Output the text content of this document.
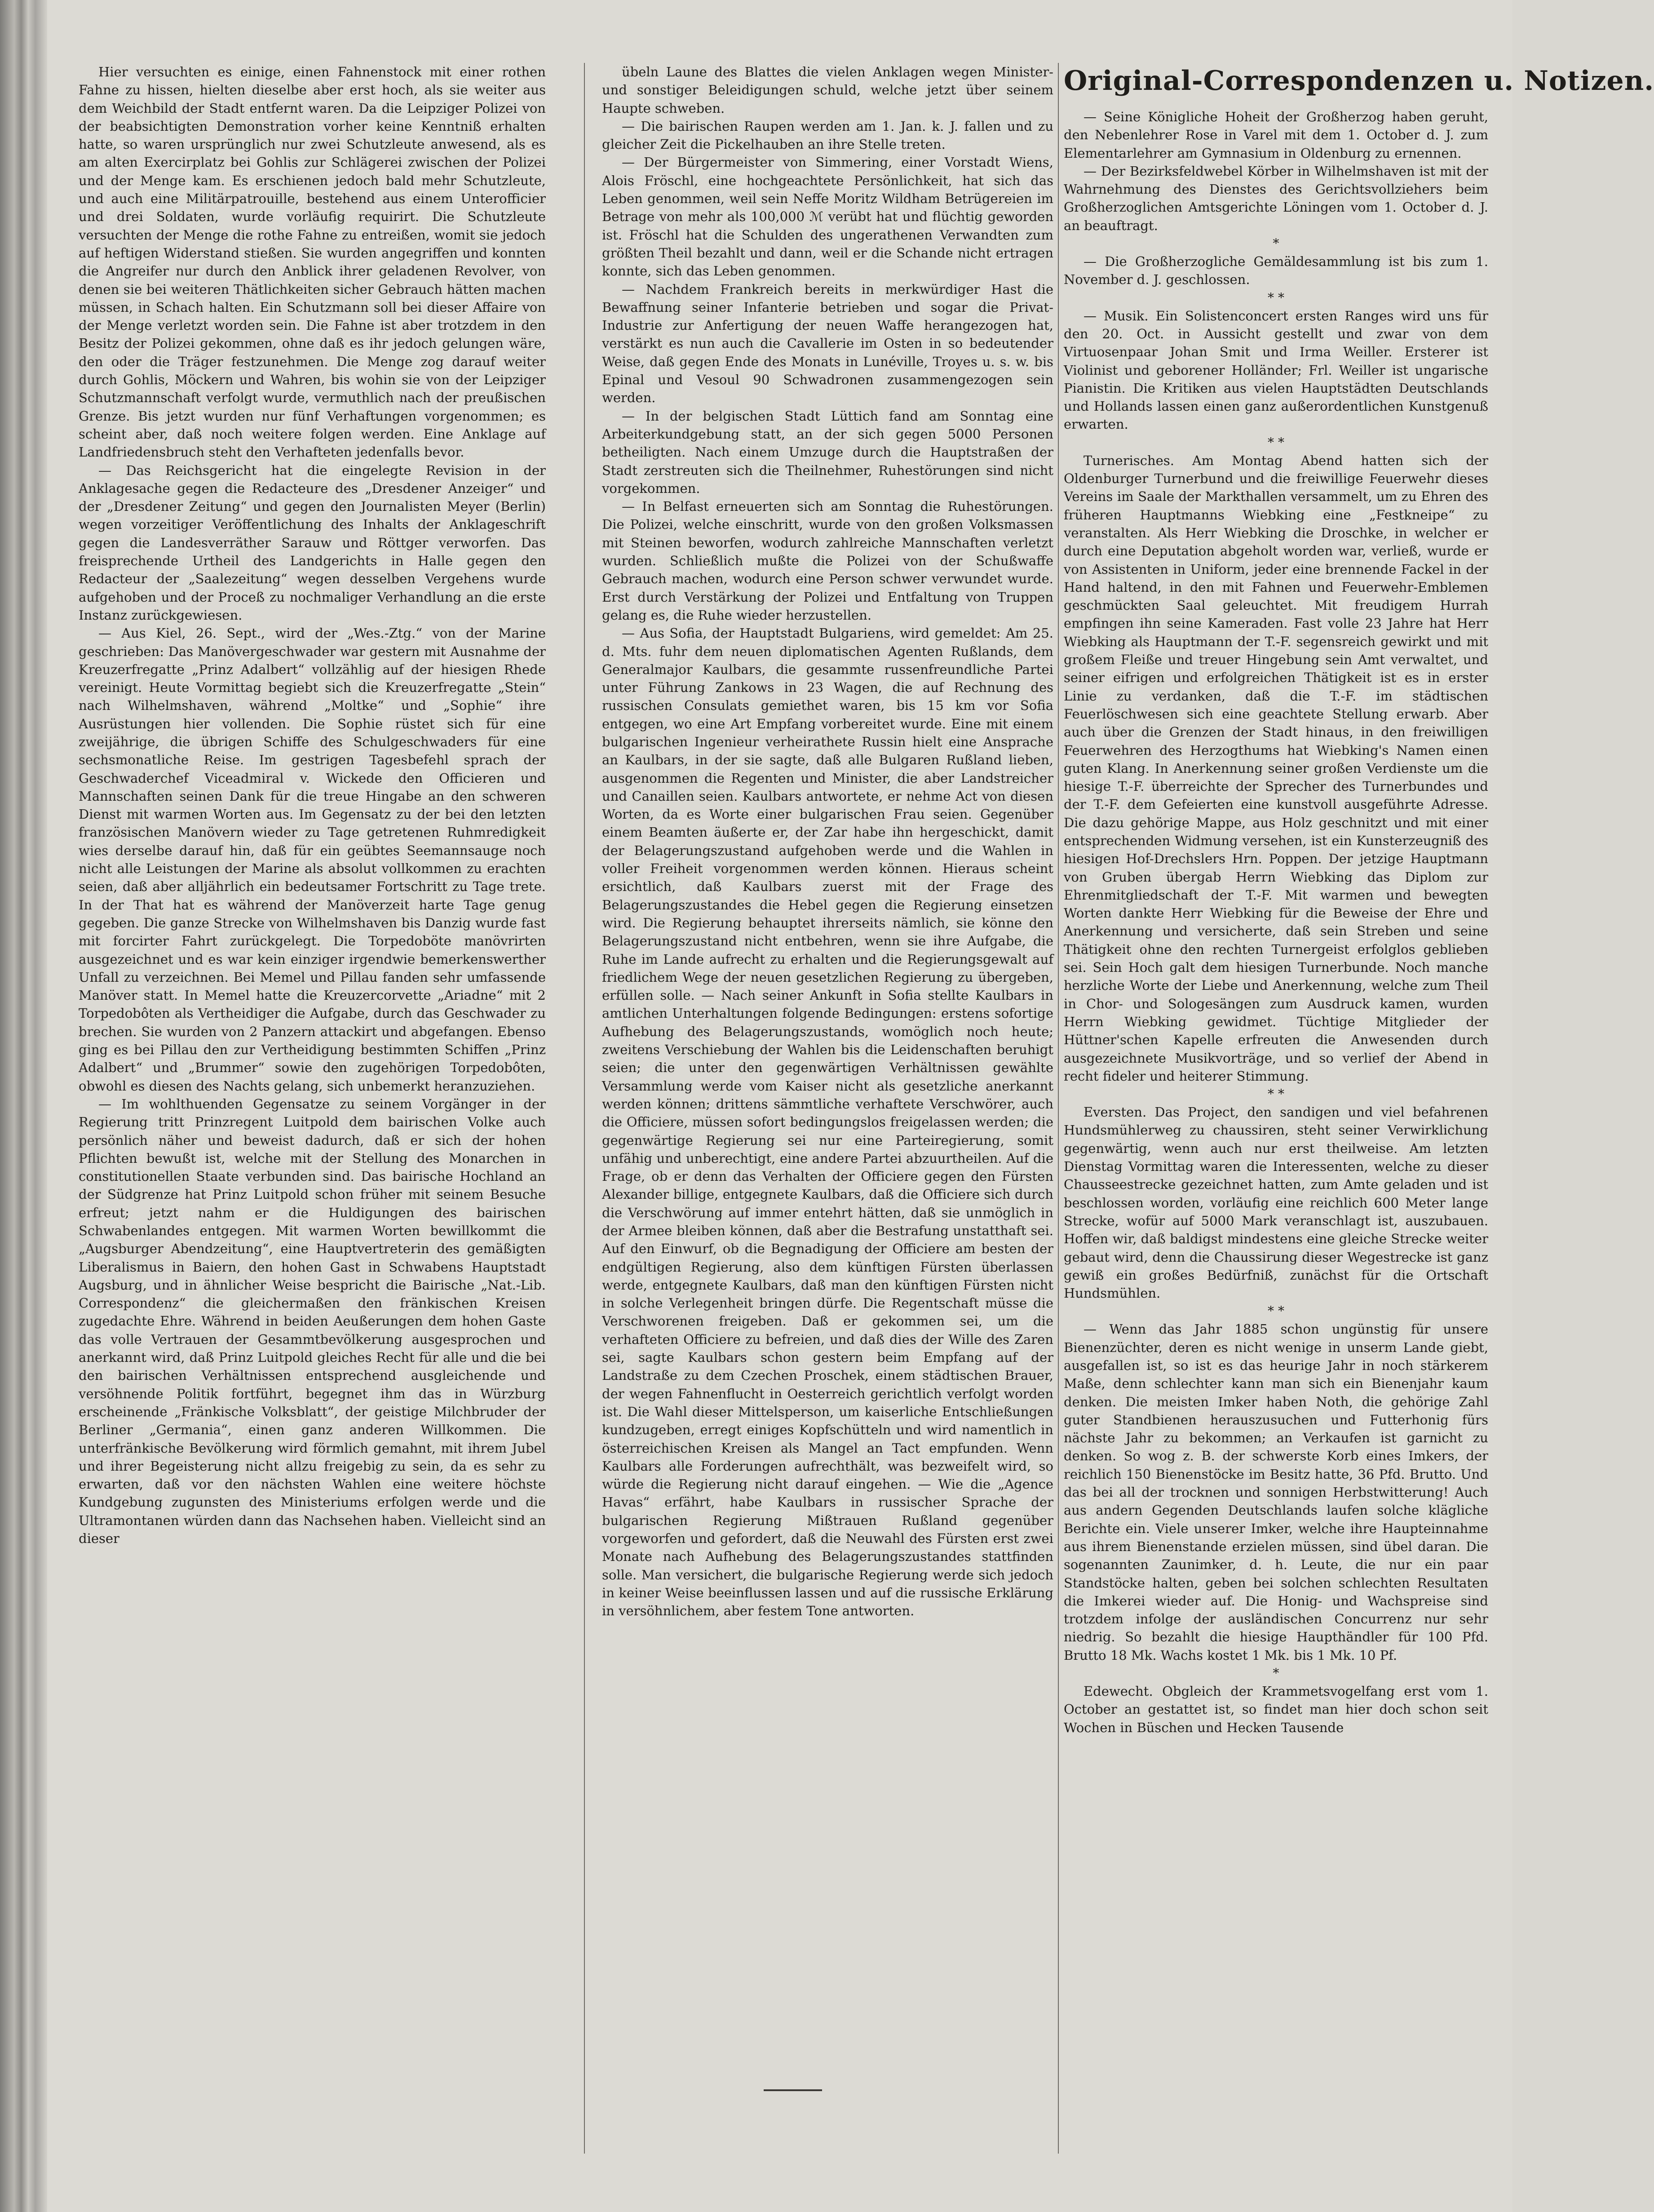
Hier versuchten es einige, einen Fahnenstock mit einer rothen Fahne zu hissen, hielten dieselbe aber erst hoch, als sie weiter aus dem Weichbild der Stadt entfernt waren. Da die Leipziger Polizei von der beabsichtigten Demonstration vorher keine Kenntniß erhalten hatte, so waren ursprünglich nur zwei Schutzleute anwesend, als es am alten Exercirplatz bei Gohlis zur Schlägerei zwischen der Polizei und der Menge kam. Es erschienen jedoch bald mehr Schutzleute, und auch eine Militärpatrouille, bestehend aus einem Unterofficier und drei Soldaten, wurde vorläufig requirirt. Die Schutzleute versuchten der Menge die rothe Fahne zu entreißen, womit sie jedoch auf heftigen Widerstand stießen. Sie wurden angegriffen und konnten die Angreifer nur durch den Anblick ihrer geladenen Revolver, von denen sie bei weiteren Thätlichkeiten sicher Gebrauch hätten machen müssen, in Schach halten. Ein Schutzmann soll bei dieser Affaire von der Menge verletzt worden sein. Die Fahne ist aber trotzdem in den Besitz der Polizei gekommen, ohne daß es ihr jedoch gelungen wäre, den oder die Träger festzunehmen. Die Menge zog darauf weiter durch Gohlis, Möckern und Wahren, bis wohin sie von der Leipziger Schutzmannschaft verfolgt wurde, vermuthlich nach der preußischen Grenze. Bis jetzt wurden nur fünf Verhaftungen vorgenommen; es scheint aber, daß noch weitere folgen werden. Eine Anklage auf Landfriedensbruch steht den Verhafteten jedenfalls bevor.

— Das Reichsgericht hat die eingelegte Revision in der Anklagesache gegen die Redacteure des „Dresdener Anzeiger“ und der „Dresdener Zeitung“ und gegen den Journalisten Meyer (Berlin) wegen vorzeitiger Veröffentlichung des Inhalts der Anklageschrift gegen die Landesverräther Sarauw und Röttger verworfen. Das freisprechende Urtheil des Landgerichts in Halle gegen den Redacteur der „Saalezeitung“ wegen desselben Vergehens wurde aufgehoben und der Proceß zu nochmaliger Verhandlung an die erste Instanz zurückgewiesen.

— Aus Kiel, 26. Sept., wird der „Wes.-Ztg.“ von der Marine geschrieben: Das Manövergeschwader war gestern mit Ausnahme der Kreuzerfregatte „Prinz Adalbert“ vollzählig auf der hiesigen Rhede vereinigt. Heute Vormittag begiebt sich die Kreuzerfregatte „Stein“ nach Wilhelmshaven, während „Moltke“ und „Sophie“ ihre Ausrüstungen hier vollenden. Die Sophie rüstet sich für eine zweijährige, die übrigen Schiffe des Schulgeschwaders für eine sechsmonatliche Reise. Im gestrigen Tagesbefehl sprach der Geschwaderchef Viceadmiral v. Wickede den Officieren und Mannschaften seinen Dank für die treue Hingabe an den schweren Dienst mit warmen Worten aus. Im Gegensatz zu der bei den letzten französischen Manövern wieder zu Tage getretenen Ruhmredigkeit wies derselbe darauf hin, daß für ein geübtes Seemannsauge noch nicht alle Leistungen der Marine als absolut vollkommen zu erachten seien, daß aber alljährlich ein bedeutsamer Fortschritt zu Tage trete. In der That hat es während der Manöverzeit harte Tage genug gegeben. Die ganze Strecke von Wilhelmshaven bis Danzig wurde fast mit forcirter Fahrt zurückgelegt. Die Torpedoböte manövrirten ausgezeichnet und es war kein einziger irgendwie bemerkenswerther Unfall zu verzeichnen. Bei Memel und Pillau fanden sehr umfassende Manöver statt. In Memel hatte die Kreuzercorvette „Ariadne“ mit 2 Torpedobôten als Vertheidiger die Aufgabe, durch das Geschwader zu brechen. Sie wurden von 2 Panzern attackirt und abgefangen. Ebenso ging es bei Pillau den zur Vertheidigung bestimmten Schiffen „Prinz Adalbert“ und „Brummer“ sowie den zugehörigen Torpedobôten, obwohl es diesen des Nachts gelang, sich unbemerkt heranzuziehen.

— Im wohlthuenden Gegensatze zu seinem Vorgänger in der Regierung tritt Prinzregent Luitpold dem bairischen Volke auch persönlich näher und beweist dadurch, daß er sich der hohen Pflichten bewußt ist, welche mit der Stellung des Monarchen in constitutionellen Staate verbunden sind. Das bairische Hochland an der Südgrenze hat Prinz Luitpold schon früher mit seinem Besuche erfreut; jetzt nahm er die Huldigungen des bairischen Schwabenlandes entgegen. Mit warmen Worten bewillkommt die „Augsburger Abendzeitung“, eine Hauptvertreterin des gemäßigten Liberalismus in Baiern, den hohen Gast in Schwabens Hauptstadt Augsburg, und in ähnlicher Weise bespricht die Bairische „Nat.-Lib. Correspondenz“ die gleichermaßen den fränkischen Kreisen zugedachte Ehre. Während in beiden Aeußerungen dem hohen Gaste das volle Vertrauen der Gesammtbevölkerung ausgesprochen und anerkannt wird, daß Prinz Luitpold gleiches Recht für alle und die bei den bairischen Verhältnissen entsprechend ausgleichende und versöhnende Politik fortführt, begegnet ihm das in Würzburg erscheinende „Fränkische Volksblatt“, der geistige Milchbruder der Berliner „Germania“, einen ganz anderen Willkommen. Die unterfränkische Bevölkerung wird förmlich gemahnt, mit ihrem Jubel und ihrer Begeisterung nicht allzu freigebig zu sein, da es sehr zu erwarten, daß vor den nächsten Wahlen eine weitere höchste Kundgebung zugunsten des Ministeriums erfolgen werde und die Ultramontanen würden dann das Nachsehen haben. Vielleicht sind an dieser

übeln Laune des Blattes die vielen Anklagen wegen Minister- und sonstiger Beleidigungen schuld, welche jetzt über seinem Haupte schweben.

— Die bairischen Raupen werden am 1. Jan. k. J. fallen und zu gleicher Zeit die Pickelhauben an ihre Stelle treten.

— Der Bürgermeister von Simmering, einer Vorstadt Wiens, Alois Fröschl, eine hochgeachtete Persönlichkeit, hat sich das Leben genommen, weil sein Neffe Moritz Wildham Betrügereien im Betrage von mehr als 100,000 ℳ verübt hat und flüchtig geworden ist. Fröschl hat die Schulden des ungerathenen Verwandten zum größten Theil bezahlt und dann, weil er die Schande nicht ertragen konnte, sich das Leben genommen.

— Nachdem Frankreich bereits in merkwürdiger Hast die Bewaffnung seiner Infanterie betrieben und sogar die Privat-Industrie zur Anfertigung der neuen Waffe herangezogen hat, verstärkt es nun auch die Cavallerie im Osten in so bedeutender Weise, daß gegen Ende des Monats in Lunéville, Troyes u. s. w. bis Epinal und Vesoul 90 Schwadronen zusammengezogen sein werden.

— In der belgischen Stadt Lüttich fand am Sonntag eine Arbeiterkundgebung statt, an der sich gegen 5000 Personen betheiligten. Nach einem Umzuge durch die Hauptstraßen der Stadt zerstreuten sich die Theilnehmer, Ruhestörungen sind nicht vorgekommen.

— In Belfast erneuerten sich am Sonntag die Ruhestörungen. Die Polizei, welche einschritt, wurde von den großen Volksmassen mit Steinen beworfen, wodurch zahlreiche Mannschaften verletzt wurden. Schließlich mußte die Polizei von der Schußwaffe Gebrauch machen, wodurch eine Person schwer verwundet wurde. Erst durch Verstärkung der Polizei und Entfaltung von Truppen gelang es, die Ruhe wieder herzustellen.

— Aus Sofia, der Hauptstadt Bulgariens, wird gemeldet: Am 25. d. Mts. fuhr dem neuen diplomatischen Agenten Rußlands, dem Generalmajor Kaulbars, die gesammte russenfreundliche Partei unter Führung Zankows in 23 Wagen, die auf Rechnung des russischen Consulats gemiethet waren, bis 15 km vor Sofia entgegen, wo eine Art Empfang vorbereitet wurde. Eine mit einem bulgarischen Ingenieur verheirathete Russin hielt eine Ansprache an Kaulbars, in der sie sagte, daß alle Bulgaren Rußland lieben, ausgenommen die Regenten und Minister, die aber Landstreicher und Canaillen seien. Kaulbars antwortete, er nehme Act von diesen Worten, da es Worte einer bulgarischen Frau seien. Gegenüber einem Beamten äußerte er, der Zar habe ihn hergeschickt, damit der Belagerungszustand aufgehoben werde und die Wahlen in voller Freiheit vorgenommen werden können. Hieraus scheint ersichtlich, daß Kaulbars zuerst mit der Frage des Belagerungszustandes die Hebel gegen die Regierung einsetzen wird. Die Regierung behauptet ihrerseits nämlich, sie könne den Belagerungszustand nicht entbehren, wenn sie ihre Aufgabe, die Ruhe im Lande aufrecht zu erhalten und die Regierungsgewalt auf friedlichem Wege der neuen gesetzlichen Regierung zu übergeben, erfüllen solle. — Nach seiner Ankunft in Sofia stellte Kaulbars in amtlichen Unterhaltungen folgende Bedingungen: erstens sofortige Aufhebung des Belagerungszustands, womöglich noch heute; zweitens Verschiebung der Wahlen bis die Leidenschaften beruhigt seien; die unter den gegenwärtigen Verhältnissen gewählte Versammlung werde vom Kaiser nicht als gesetzliche anerkannt werden können; drittens sämmtliche verhaftete Verschwörer, auch die Officiere, müssen sofort bedingungslos freigelassen werden; die gegenwärtige Regierung sei nur eine Parteiregierung, somit unfähig und unberechtigt, eine andere Partei abzuurtheilen. Auf die Frage, ob er denn das Verhalten der Officiere gegen den Fürsten Alexander billige, entgegnete Kaulbars, daß die Officiere sich durch die Verschwörung auf immer entehrt hätten, daß sie unmöglich in der Armee bleiben können, daß aber die Bestrafung unstatthaft sei. Auf den Einwurf, ob die Begnadigung der Officiere am besten der endgültigen Regierung, also dem künftigen Fürsten überlassen werde, entgegnete Kaulbars, daß man den künftigen Fürsten nicht in solche Verlegenheit bringen dürfe. Die Regentschaft müsse die Verschworenen freigeben. Daß er gekommen sei, um die verhafteten Officiere zu befreien, und daß dies der Wille des Zaren sei, sagte Kaulbars schon gestern beim Empfang auf der Landstraße zu dem Czechen Proschek, einem städtischen Brauer, der wegen Fahnenflucht in Oesterreich gerichtlich verfolgt worden ist. Die Wahl dieser Mittelsperson, um kaiserliche Entschließungen kundzugeben, erregt einiges Kopfschütteln und wird namentlich in österreichischen Kreisen als Mangel an Tact empfunden. Wenn Kaulbars alle Forderungen aufrechthält, was bezweifelt wird, so würde die Regierung nicht darauf eingehen. — Wie die „Agence Havas“ erfährt, habe Kaulbars in russischer Sprache der bulgarischen Regierung Mißtrauen Rußland gegenüber vorgeworfen und gefordert, daß die Neuwahl des Fürsten erst zwei Monate nach Aufhebung des Belagerungszustandes stattfinden solle. Man versichert, die bulgarische Regierung werde sich jedoch in keiner Weise beeinflussen lassen und auf die russische Erklärung in versöhnlichem, aber festem Tone antworten.

Original-Correspondenzen u. Notizen.

— Seine Königliche Hoheit der Großherzog haben geruht, den Nebenlehrer Rose in Varel mit dem 1. October d. J. zum Elementarlehrer am Gymnasium in Oldenburg zu ernennen.

— Der Bezirksfeldwebel Körber in Wilhelmshaven ist mit der Wahrnehmung des Dienstes des Gerichtsvollziehers beim Großherzoglichen Amtsgerichte Löningen vom 1. October d. J. an beauftragt.

*

— Die Großherzogliche Gemäldesammlung ist bis zum 1. November d. J. geschlossen.

* *

— Musik. Ein Solistenconcert ersten Ranges wird uns für den 20. Oct. in Aussicht gestellt und zwar von dem Virtuosenpaar Johan Smit und Irma Weiller. Ersterer ist Violinist und geborener Holländer; Frl. Weiller ist ungarische Pianistin. Die Kritiken aus vielen Hauptstädten Deutschlands und Hollands lassen einen ganz außerordentlichen Kunstgenuß erwarten.

* *

Turnerisches. Am Montag Abend hatten sich der Oldenburger Turnerbund und die freiwillige Feuerwehr dieses Vereins im Saale der Markthallen versammelt, um zu Ehren des früheren Hauptmanns Wiebking eine „Festkneipe“ zu veranstalten. Als Herr Wiebking die Droschke, in welcher er durch eine Deputation abgeholt worden war, verließ, wurde er von Assistenten in Uniform, jeder eine brennende Fackel in der Hand haltend, in den mit Fahnen und Feuerwehr-Emblemen geschmückten Saal geleuchtet. Mit freudigem Hurrah empfingen ihn seine Kameraden. Fast volle 23 Jahre hat Herr Wiebking als Hauptmann der T.-F. segensreich gewirkt und mit großem Fleiße und treuer Hingebung sein Amt verwaltet, und seiner eifrigen und erfolgreichen Thätigkeit ist es in erster Linie zu verdanken, daß die T.-F. im städtischen Feuerlöschwesen sich eine geachtete Stellung erwarb. Aber auch über die Grenzen der Stadt hinaus, in den freiwilligen Feuerwehren des Herzogthums hat Wiebking's Namen einen guten Klang. In Anerkennung seiner großen Verdienste um die hiesige T.-F. überreichte der Sprecher des Turnerbundes und der T.-F. dem Gefeierten eine kunstvoll ausgeführte Adresse. Die dazu gehörige Mappe, aus Holz geschnitzt und mit einer entsprechenden Widmung versehen, ist ein Kunsterzeugniß des hiesigen Hof-Drechslers Hrn. Poppen. Der jetzige Hauptmann von Gruben übergab Herrn Wiebking das Diplom zur Ehrenmitgliedschaft der T.-F. Mit warmen und bewegten Worten dankte Herr Wiebking für die Beweise der Ehre und Anerkennung und versicherte, daß sein Streben und seine Thätigkeit ohne den rechten Turnergeist erfolglos geblieben sei. Sein Hoch galt dem hiesigen Turnerbunde. Noch manche herzliche Worte der Liebe und Anerkennung, welche zum Theil in Chor- und Sologesängen zum Ausdruck kamen, wurden Herrn Wiebking gewidmet. Tüchtige Mitglieder der Hüttner'schen Kapelle erfreuten die Anwesenden durch ausgezeichnete Musikvorträge, und so verlief der Abend in recht fideler und heiterer Stimmung.

* *

Eversten. Das Project, den sandigen und viel befahrenen Hundsmühlerweg zu chaussiren, steht seiner Verwirklichung gegenwärtig, wenn auch nur erst theilweise. Am letzten Dienstag Vormittag waren die Interessenten, welche zu dieser Chausseestrecke gezeichnet hatten, zum Amte geladen und ist beschlossen worden, vorläufig eine reichlich 600 Meter lange Strecke, wofür auf 5000 Mark veranschlagt ist, auszubauen. Hoffen wir, daß baldigst mindestens eine gleiche Strecke weiter gebaut wird, denn die Chaussirung dieser Wegestrecke ist ganz gewiß ein großes Bedürfniß, zunächst für die Ortschaft Hundsmühlen.

* *

— Wenn das Jahr 1885 schon ungünstig für unsere Bienenzüchter, deren es nicht wenige in unserm Lande giebt, ausgefallen ist, so ist es das heurige Jahr in noch stärkerem Maße, denn schlechter kann man sich ein Bienenjahr kaum denken. Die meisten Imker haben Noth, die gehörige Zahl guter Standbienen herauszusuchen und Futterhonig fürs nächste Jahr zu bekommen; an Verkaufen ist garnicht zu denken. So wog z. B. der schwerste Korb eines Imkers, der reichlich 150 Bienenstöcke im Besitz hatte, 36 Pfd. Brutto. Und das bei all der trocknen und sonnigen Herbstwitterung! Auch aus andern Gegenden Deutschlands laufen solche klägliche Berichte ein. Viele unserer Imker, welche ihre Haupteinnahme aus ihrem Bienenstande erzielen müssen, sind übel daran. Die sogenannten Zaunimker, d. h. Leute, die nur ein paar Standstöcke halten, geben bei solchen schlechten Resultaten die Imkerei wieder auf. Die Honig- und Wachspreise sind trotzdem infolge der ausländischen Concurrenz nur sehr niedrig. So bezahlt die hiesige Haupthändler für 100 Pfd. Brutto 18 Mk. Wachs kostet 1 Mk. bis 1 Mk. 10 Pf.

*

Edewecht. Obgleich der Krammetsvogelfang erst vom 1. October an gestattet ist, so findet man hier doch schon seit Wochen in Büschen und Hecken Tausende
